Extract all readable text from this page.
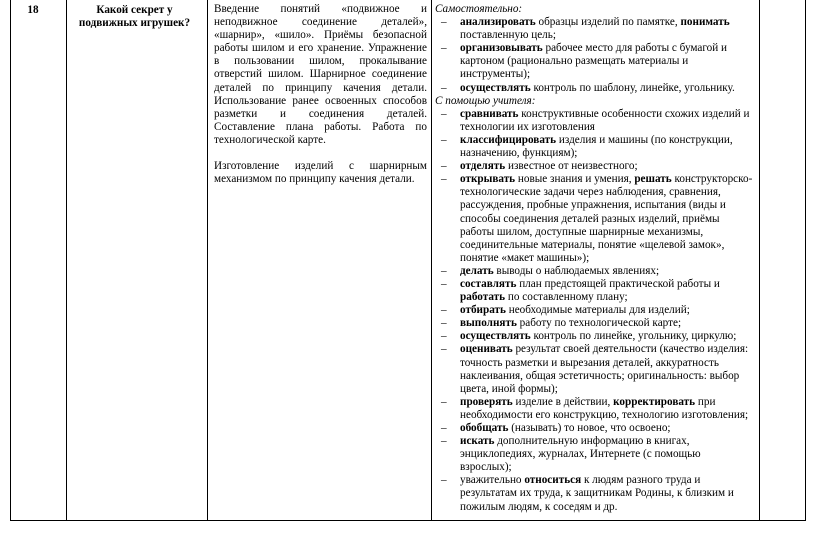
18	Какой секрет у подвижных игрушек?

Введение понятий «подвижное и

неподвижное соединение деталей»,

«шарнир», «шило». Приёмы безопасной

работы шилом и его хранение. Упражнение

в пользовании шилом, прокалывание

отверстий шилом. Шарнирное соединение

деталей по принципу качения детали.

Использование ранее освоенных способов

разметки и соединения деталей.

Составление плана работы. Работа по

технологической карте.

Изготовление изделий с шарнирным

механизмом по принципу качения детали.

Самостоятельно:
– анализировать образцы изделий по памятке, понимать поставленную цель;
– организовывать рабочее место для работы с бумагой и картоном (рационально размещать материалы и инструменты);
– осуществлять контроль по шаблону, линейке, угольнику.
С помощью учителя:
– сравнивать конструктивные особенности схожих изделий и технологии их изготовления
– классифицировать изделия и машины (по конструкции, назначению, функциям);
– отделять известное от неизвестного;
– открывать новые знания и умения, решать конструкторско-технологические задачи через наблюдения, сравнения, рассуждения, пробные упражнения, испытания (виды и способы соединения деталей разных изделий, приёмы работы шилом, доступные шарнирные механизмы, соединительные материалы, понятие «щелевой замок», понятие «макет машины»);
– делать выводы о наблюдаемых явлениях;
– составлять план предстоящей практической работы и работать по составленному плану;
– отбирать необходимые материалы для изделий;
– выполнять работу по технологической карте;
– осуществлять контроль по линейке, угольнику, циркулю;
– оценивать результат своей деятельности (качество изделия: точность разметки и вырезания деталей, аккуратность наклеивания, общая эстетичность; оригинальность: выбор цвета, иной формы);
– проверять изделие в действии, корректировать при необходимости его конструкцию, технологию изготовления;
– обобщать (называть) то новое, что освоено;
– искать дополнительную информацию в книгах, энциклопедиях, журналах, Интернете (с помощью взрослых);
– уважительно относиться к людям разного труда и результатам их труда, к защитникам Родины, к близким и пожилым людям, к соседям и др.
